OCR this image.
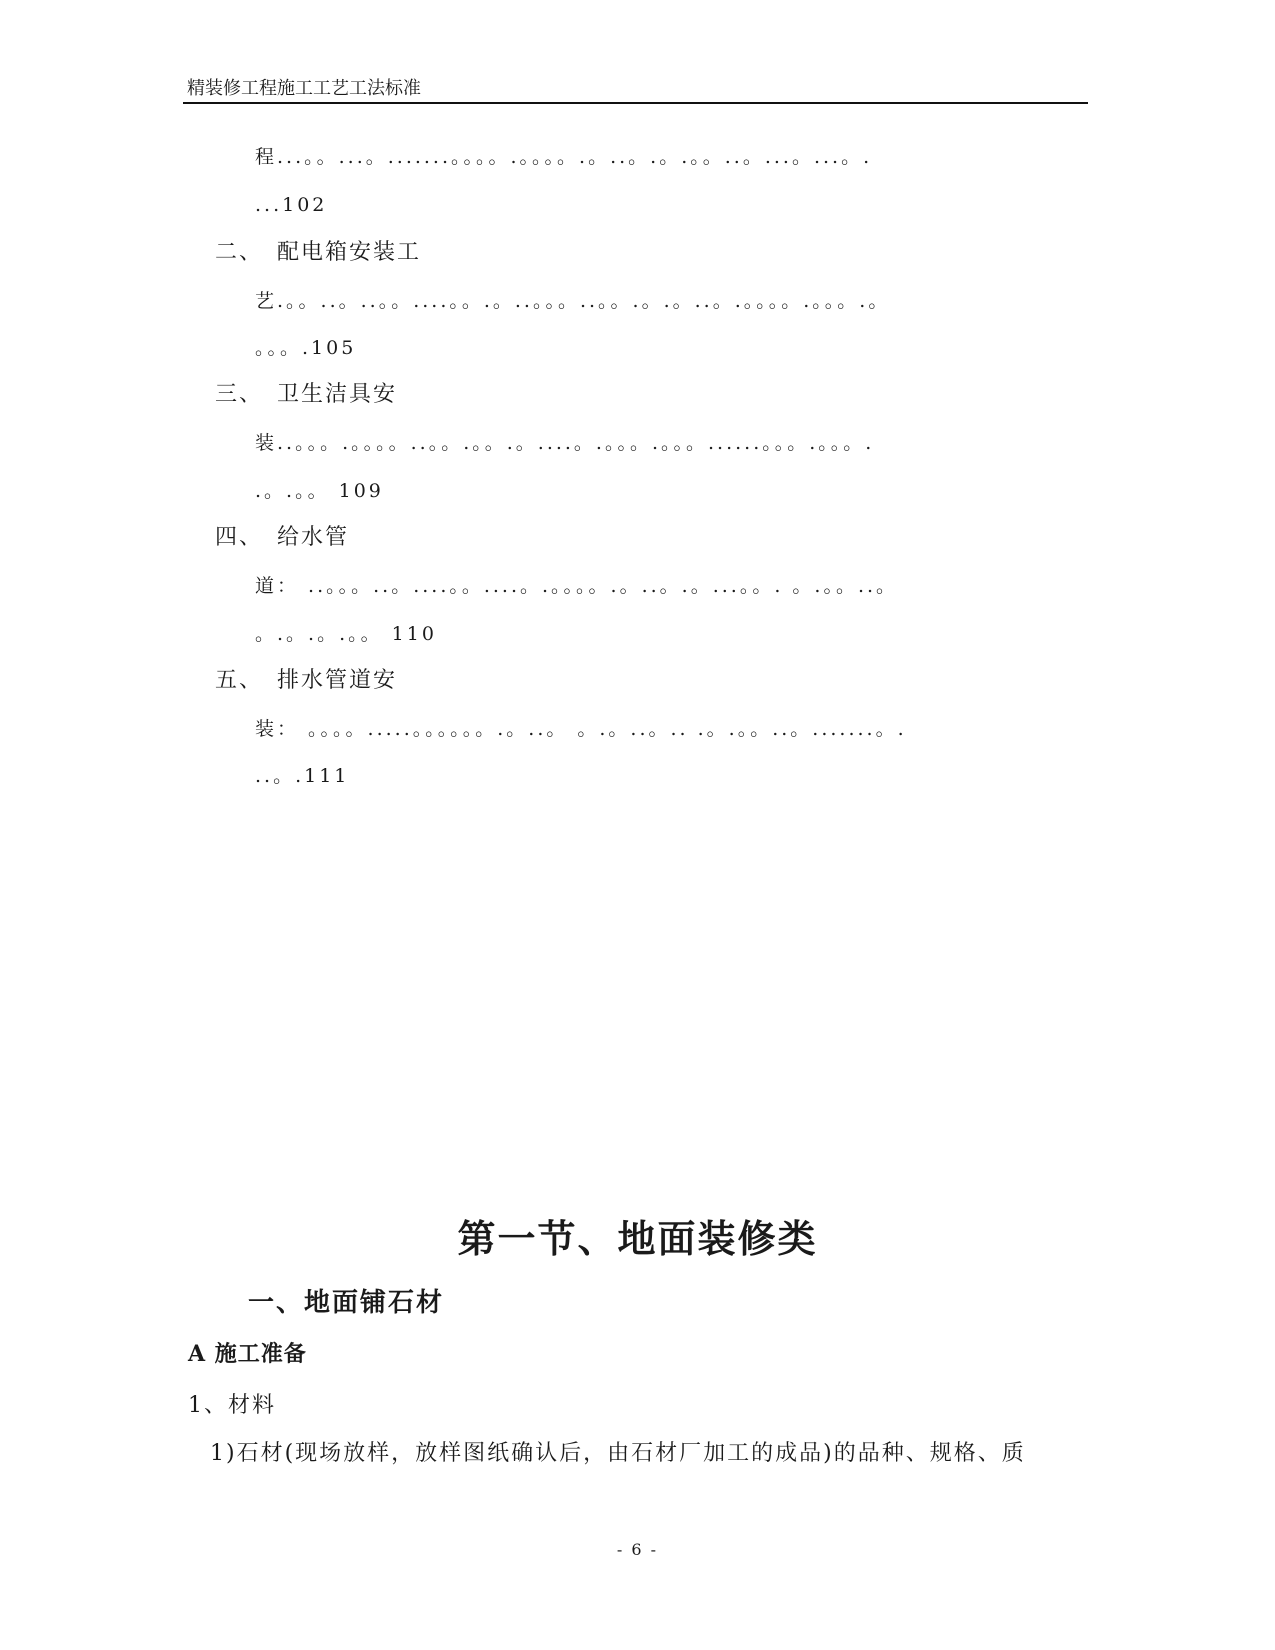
精装修工程施工工艺工法标准
程...。。...。.......。。。。.。。。。.。..。.。.。。..。...。...。.
...102
二、 配电箱安装工
艺.。。..。..。。....。。.。..。。。..。。.。.。..。.。。。。.。。。.。
。。。.105
三、 卫生洁具安
装..。。。.。。。。..。。.。。.。....。.。。。.。。。......。。。.。。。.
.。.。。 109
四、 给水管
道： ..。。。..。....。。....。.。。。。.。..。.。...。。. 。.。。..。
。.。.。.。。 110
五、 排水管道安
装： 。。。。.....。。。。。。.。..。 。.。..。.. .。.。。..。.......。.
..。.111
第一节、地面装修类
一、地面铺石材
A 施工准备
1、材料
1)石材(现场放样，放样图纸确认后，由石材厂加工的成品)的品种、规格、质
- 6 -
